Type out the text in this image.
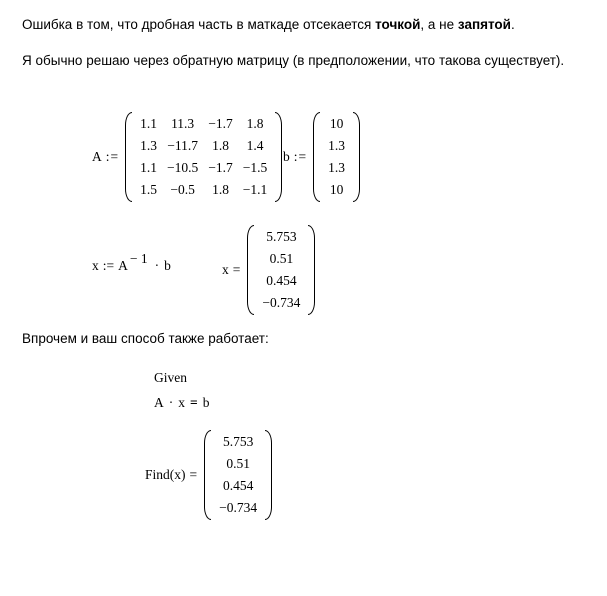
Ошибка в том, что дробная часть в маткаде отсекается точкой, а не запятой.
Я обычно решаю через обратную матрицу (в предположении, что такова существует).
A :=
1.1	11.3	−1.7 1.8
1.3 −11.7 1.8 1.4
1.1 −10.5 −1.7 −1.5
1.5 −0.5 1.8 −1.1
b :=
10
1.3
1.3
10
x := A − 1 · b	x =
5.753
0.51
0.454
−0.734
Впрочем и ваш способ также работает:
Given
A · x = b
Find(x) =
5.753
0.51
0.454
−0.734
